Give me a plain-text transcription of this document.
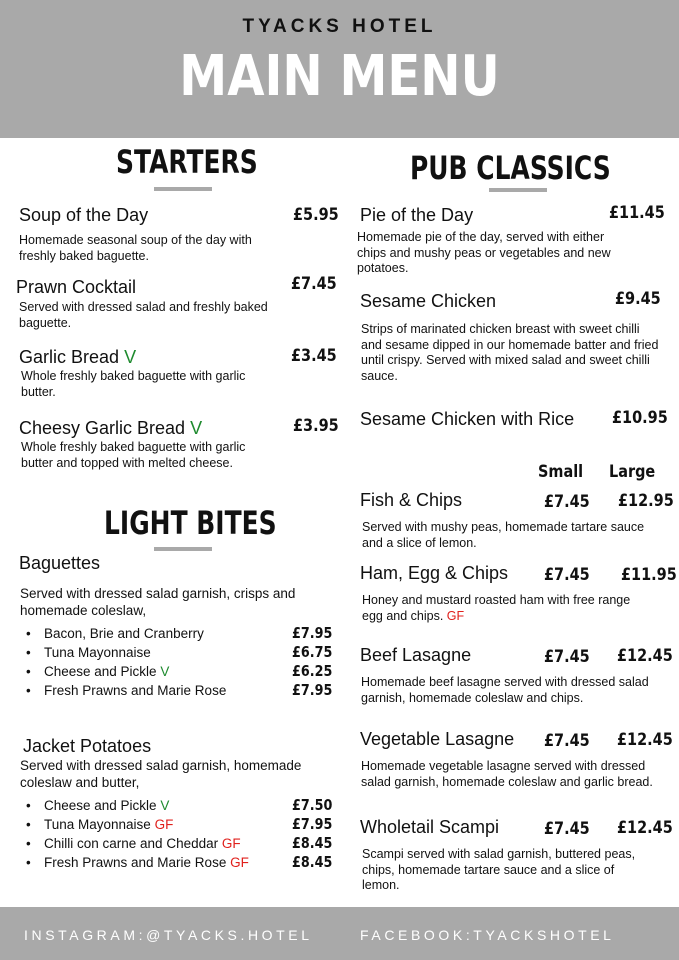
TYACKS HOTEL
MAIN MENU
STARTERS
Soup of the Day	£5.95
Homemade seasonal soup of the day with freshly baked baguette.
Prawn Cocktail	£7.45
Served with dressed salad and freshly baked baguette.
Garlic Bread V	£3.45
Whole freshly baked baguette with garlic butter.
Cheesy Garlic Bread V	£3.95
Whole freshly baked baguette with garlic butter and topped with melted cheese.
LIGHT BITES
Baguettes
Served with dressed salad garnish, crisps and homemade coleslaw,
• Bacon, Brie and Cranberry	£7.95
• Tuna Mayonnaise	£6.75
• Cheese and Pickle V	£6.25
• Fresh Prawns and Marie Rose	£7.95
Jacket Potatoes
Served with dressed salad garnish, homemade coleslaw and butter,
• Cheese and Pickle V	£7.50
• Tuna Mayonnaise GF	£7.95
• Chilli con carne and Cheddar GF	£8.45
• Fresh Prawns and Marie Rose GF	£8.45
PUB CLASSICS
Pie of the Day	£11.45
Homemade pie of the day, served with either chips and mushy peas or vegetables and new potatoes.
Sesame Chicken	£9.45
Strips of marinated chicken breast with sweet chilli and sesame dipped in our homemade batter and fried until crispy. Served with mixed salad and sweet chilli sauce.
Sesame Chicken with Rice £10.95
Small Large
Fish & Chips	£7.45 £12.95
Served with mushy peas, homemade tartare sauce and a slice of lemon.
Ham, Egg & Chips £7.45 £11.95
Honey and mustard roasted ham with free range egg and chips. GF
Beef Lasagne	£7.45 £12.45
Homemade beef lasagne served with dressed salad garnish, homemade coleslaw and chips.
Vegetable Lasagne £7.45 £12.45
Homemade vegetable lasagne served with dressed salad garnish, homemade coleslaw and garlic bread.
Wholetail Scampi	£7.45 £12.45
Scampi served with salad garnish, buttered peas, chips, homemade tartare sauce and a slice of lemon.
INSTAGRAM:@TYACKS.HOTEL	FACEBOOK:TYACKSHOTEL
